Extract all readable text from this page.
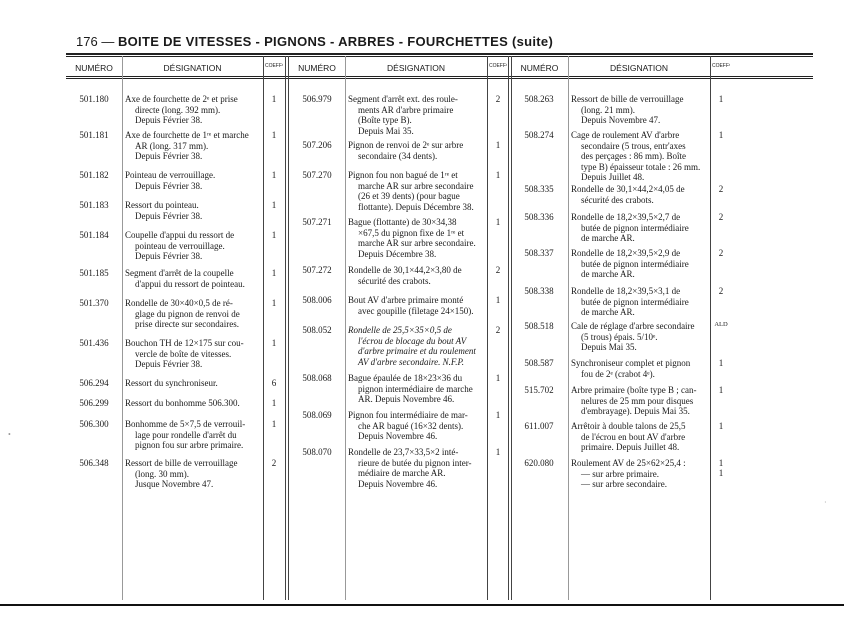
176 — BOITE DE VITESSES - PIGNONS - ARBRES - FOURCHETTES (suite)
NUMÉRO	DÉSIGNATION	COEFFᵗ	NUMÉRO	DÉSIGNATION	COEFFᵗ	NUMÉRO	DÉSIGNATION	COEFFᵗ
501.180	Axe de fourchette de 2ᵉ et prise
directe (long. 392 mm).
Depuis Février 38.
1
501.181	Axe de fourchette de 1ʳᵉ et marche
AR (long. 317 mm).
Depuis Février 38.
1
501.182	Pointeau de verrouillage.
Depuis Février 38.
1
501.183	Ressort du pointeau.
Depuis Février 38.
1
501.184	Coupelle d'appui du ressort de
pointeau de verrouillage.
Depuis Février 38.
1
501.185	Segment d'arrêt de la coupelle
d'appui du ressort de pointeau.
1
501.370	Rondelle de 30×40×0,5 de ré-
glage du pignon de renvoi de
prise directe sur secondaires.
1
501.436	Bouchon TH de 12×175 sur cou-
vercle de boîte de vitesses.
Depuis Février 38.
1
506.294	Ressort du synchroniseur.	6
506.299	Ressort du bonhomme 506.300.	1
506.300	Bonhomme de 5×7,5 de verrouil-
lage pour rondelle d'arrêt du
pignon fou sur arbre primaire.
1
506.348	Ressort de bille de verrouillage
(long. 30 mm).
Jusque Novembre 47.
2
506.979	Segment d'arrêt ext. des roule-
ments AR d'arbre primaire
(Boîte type B).
Depuis Mai 35.
2
507.206	Pignon de renvoi de 2ᵉ sur arbre
secondaire (34 dents).
1
507.270	Pignon fou non bagué de 1ʳᵉ et
marche AR sur arbre secondaire
(26 et 39 dents) (pour bague
flottante). Depuis Décembre 38.
1
507.271	Bague (flottante) de 30×34,38
×67,5 du pignon fixe de 1ʳᵉ et
marche AR sur arbre secondaire.
Depuis Décembre 38.
1
507.272	Rondelle de 30,1×44,2×3,80 de
sécurité des crabots.
2
508.006	Bout AV d'arbre primaire monté
avec goupille (filetage 24×150).
1
508.052	Rondelle de 25,5×35×0,5 de
l'écrou de blocage du bout AV
d'arbre primaire et du roulement
AV d'arbre secondaire. N.F.P.
2
508.068	Bague épaulée de 18×23×36 du
pignon intermédiaire de marche
AR. Depuis Novembre 46.
1
508.069	Pignon fou intermédiaire de mar-
che AR bagué (16×32 dents).
Depuis Novembre 46.
1
508.070	Rondelle de 23,7×33,5×2 inté-
rieure de butée du pignon inter-
médiaire de marche AR.
Depuis Novembre 46.
1
508.263	Ressort de bille de verrouillage
(long. 21 mm).
Depuis Novembre 47.
1
508.274	Cage de roulement AV d'arbre
secondaire (5 trous, entr'axes
des perçages : 86 mm). Boîte
type B) épaisseur totale : 26 mm.
Depuis Juillet 48.
1
508.335	Rondelle de 30,1×44,2×4,05 de
sécurité des crabots.
2
508.336	Rondelle de 18,2×39,5×2,7 de
butée de pignon intermédiaire
de marche AR.
2
508.337	Rondelle de 18,2×39,5×2,9 de
butée de pignon intermédiaire
de marche AR.
2
508.338	Rondelle de 18,2×39,5×3,1 de
butée de pignon intermédiaire
de marche AR.
2
508.518	Cale de réglage d'arbre secondaire
(5 trous) épais. 5/10ᵉ.
Depuis Mai 35.
ALD
508.587	Synchroniseur complet et pignon
fou de 2ᵉ (crabot 4ᵉ).
1
515.702	Arbre primaire (boîte type B ; can-
nelures de 25 mm pour disques
d'embrayage). Depuis Mai 35.
1
611.007	Arrêtoir à double talons de 25,5
de l'écrou en bout AV d'arbre
primaire. Depuis Juillet 48.
1
620.080	Roulement AV de 25×62×25,4 :
— sur arbre primaire.
— sur arbre secondaire.
1
1
•
·
